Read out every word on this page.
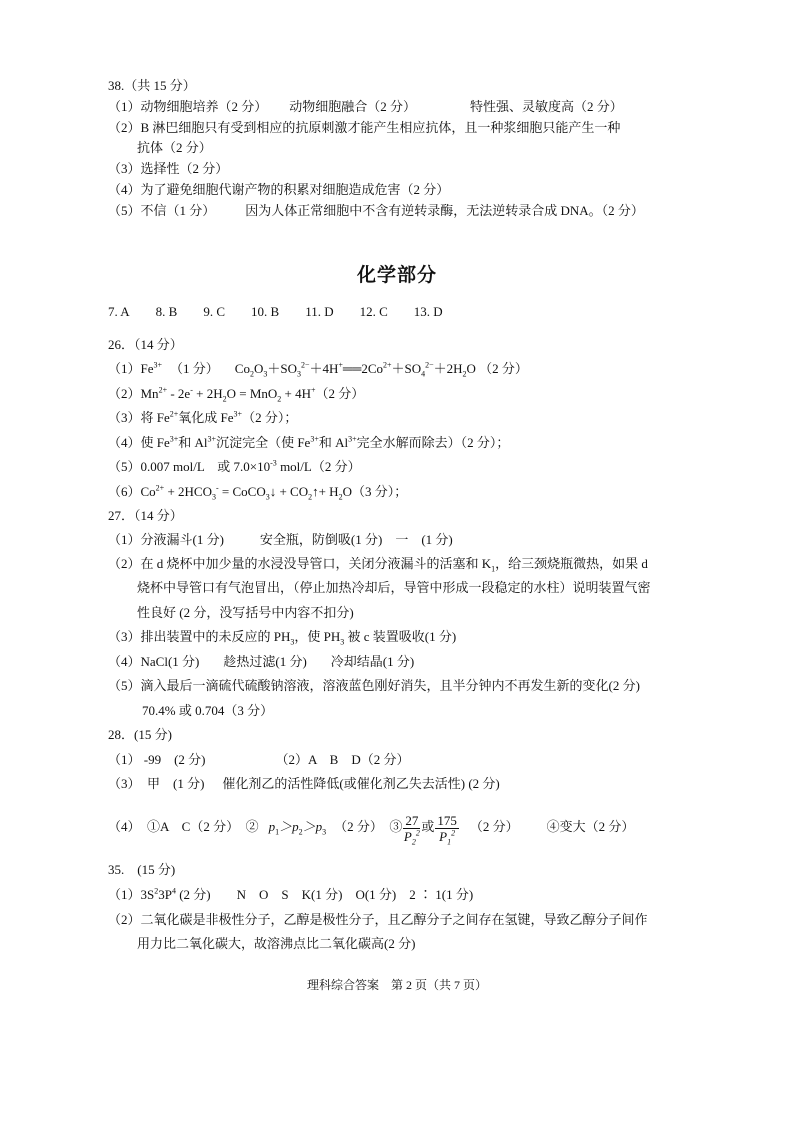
38.（共 15 分）
（1）动物细胞培养（2 分） 动物细胞融合（2 分）	特性强、灵敏度高（2 分）
（2）B 淋巴细胞只有受到相应的抗原刺激才能产生相应抗体，且一种浆细胞只能产生一种
抗体（2 分）
（3）选择性（2 分）
（4）为了避免细胞代谢产物的积累对细胞造成危害（2 分）
（5）不信（1 分） 因为人体正常细胞中不含有逆转录酶，无法逆转录合成 DNA。（2 分）
化学部分
7. A 8. B 9. C 10. B 11. D 12. C 13. D
26．（14 分）
$(1)Fe^{3+}$ （1 分） $Co_2O_3+SO_3^{2-}+4H^+══2Co^{2+}+SO_4^{2-}+2H_2O$ （2 分）
$(2)Mn^{2+} - 2e^- + 2H_2O = MnO_2 + 4H^+(2$ 分）
（3）将 $Fe^{2+}$氧化成 $Fe^{3+}(2$ 分）；
（4）使 $Fe^{3+}$和 $Al^{3+}$沉淀完全（使 $Fe^{3+}$和 $Al^{3+}$完全水解而除去）（2 分）；
（5）0.007 mol/L　或 $7.0\times 10^{-3}$ mol/L（2 分）
$(6)Co^{2+} + 2HCO_3^-$ = CoCO$_3$↓ + $CO_2↑+ H_2O(3$ 分）；
27．（14 分）
（1）分液漏斗(1 分)	安全瓶，防倒吸(1 分)　一　(1 分)
（2）在 d 烧杯中加少量的水浸没导管口，关闭分液漏斗的活塞和 $K_1$，给三颈烧瓶微热，如果 d
烧杯中导管口有气泡冒出，（停止加热冷却后，导管中形成一段稳定的水柱）说明装置气密
性良好 (2 分，没写括号中内容不扣分)
（3）排出装置中的未反应的 $PH_3$，使 $PH_3$ 被 c 装置吸收(1 分)
（4）NaCl(1 分) 趁热过滤(1 分) 冷却结晶(1 分)
（5）滴入最后一滴硫代硫酸钠溶液，溶液蓝色刚好消失，且半分钟内不再发生新的变化(2 分)
70.4% 或 0.704（3 分）
28．(15 分)
（1） -99　(2 分)	（2）A　B　D（2 分）
（3）　甲　(1 分) 催化剂乙的活性降低(或催化剂乙失去活性) (2 分)
（4）　①A　C（2 分）　② $p_1>p_2>p_3$ （2 分）　③ $\frac{27}{P_2^2}$ 或 $\frac{175}{P_1^2} (2$ 分） ④变大（2 分）
35.　(15 分)
$(1)3S^23P^4$ (2 分) N　O　S　K(1 分)　O(1 分)　2 ∶ 1(1 分)
（2）二氧化碳是非极性分子，乙醇是极性分子，且乙醇分子之间存在氢键，导致乙醇分子间作
用力比二氧化碳大，故溶沸点比二氧化碳高(2 分)
理科综合答案　第 2 页（共 7 页）
